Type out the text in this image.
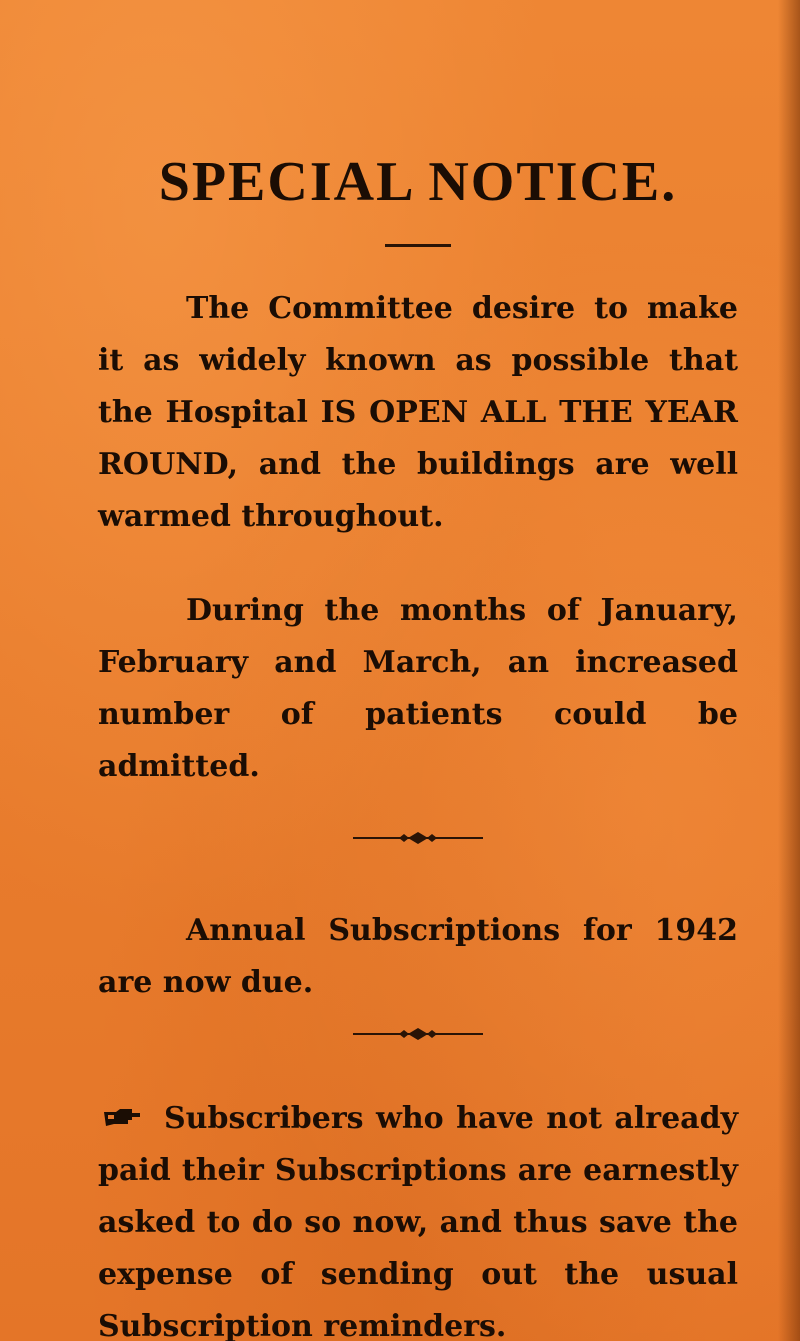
SPECIAL NOTICE.

The Committee desire to make it as widely known as possible that the Hospital IS OPEN ALL THE YEAR ROUND, and the buildings are well warmed throughout.

During the months of January, February and March, an increased number of patients could be admitted.

Annual Subscriptions for 1942 are now due.

Subscribers who have not already paid their Subscriptions are earnestly asked to do so now, and thus save the expense of sending out the usual Subscription reminders.
